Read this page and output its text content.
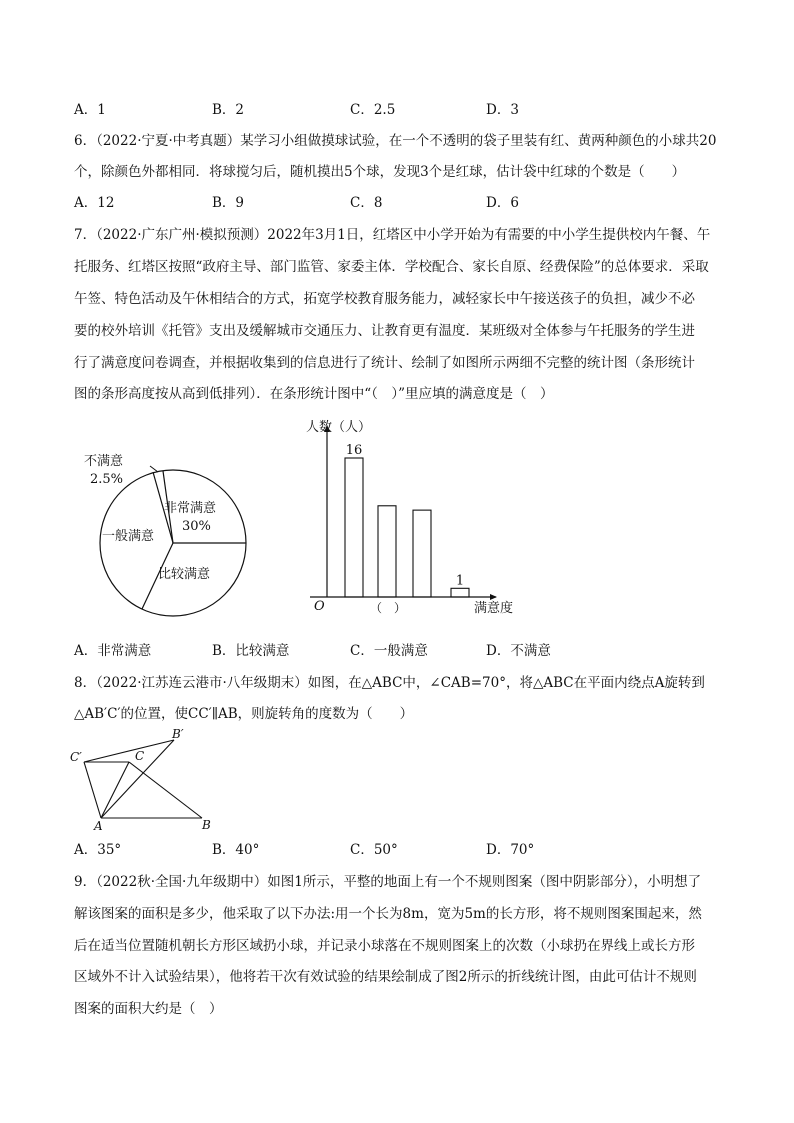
A．1	B．2	C．2.5	D．3
6．（2022·宁夏·中考真题）某学习小组做摸球试验，在一个不透明的袋子里装有红、黄两种颜色的小球共20
个，除颜色外都相同．将球搅匀后，随机摸出5个球，发现3个是红球，估计袋中红球的个数是（　　）
A．12	B．9	C．8	D．6
7．（2022·广东广州·模拟预测）2022年3月1日，红塔区中小学开始为有需要的中小学生提供校内午餐、午
托服务、红塔区按照“政府主导、部门监管、家委主体．学校配合、家长自原、经费保险”的总体要求．采取
午签、特色活动及午休相结合的方式，拓宽学校教育服务能力，减轻家长中午接送孩子的负担，减少不必
要的校外培训《托管》支出及缓解城市交通压力、让教育更有温度．某班级对全体参与午托服务的学生进
行了满意度问卷调查，并根据收集到的信息进行了统计、绘制了如图所示两细不完整的统计图（条形统计
图的条形高度按从高到低排列）．在条形统计图中“（　）”里应填的满意度是（　）
不满意
2.5%
非常满意
30%
一般满意
比较满意
人数（人）
O	满意度
（　）
16
1
A．非常满意	B．比较满意	C．一般满意	D．不满意
8．（2022·江苏连云港市·八年级期末）如图，在△ABC中，∠CAB=70°，将△ABC在平面内绕点A旋转到
△AB′C′的位置，使CC′∥AB，则旋转角的度数为（　　）
C′
B′
C
A	B
A．35°	B．40°	C．50°	D．70°
9．（2022秋·全国·九年级期中）如图1所示，平整的地面上有一个不规则图案（图中阴影部分），小明想了
解该图案的面积是多少，他采取了以下办法:用一个长为8m，宽为5m的长方形，将不规则图案围起来，然
后在适当位置随机朝长方形区域扔小球，并记录小球落在不规则图案上的次数（小球扔在界线上或长方形
区域外不计入试验结果），他将若干次有效试验的结果绘制成了图2所示的折线统计图，由此可估计不规则
图案的面积大约是（　）
